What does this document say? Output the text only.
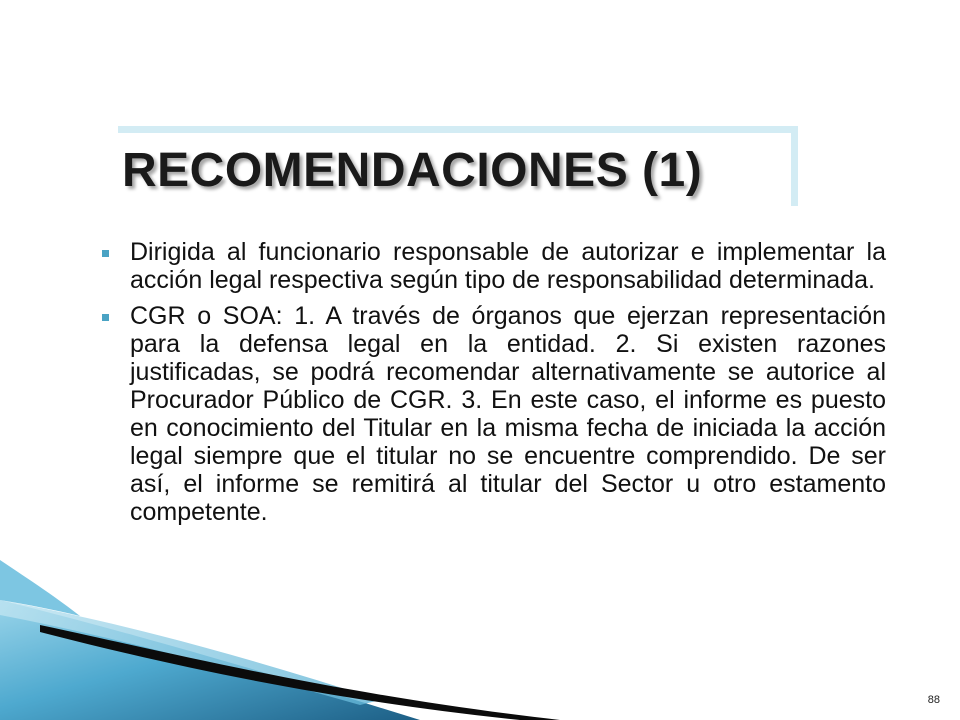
RECOMENDACIONES (1)
Dirigida al funcionario responsable de autorizar e implementar la acción legal respectiva según tipo de responsabilidad determinada.
CGR o SOA: 1. A través de órganos que ejerzan representación para la defensa legal en la entidad. 2. Si existen razones justificadas, se podrá recomendar alternativamente se autorice al Procurador Público de CGR. 3. En este caso, el informe es puesto en conocimiento del Titular en la misma fecha de iniciada la acción legal siempre que el titular no se encuentre comprendido. De ser así, el informe se remitirá al titular del Sector u otro estamento competente.
88
